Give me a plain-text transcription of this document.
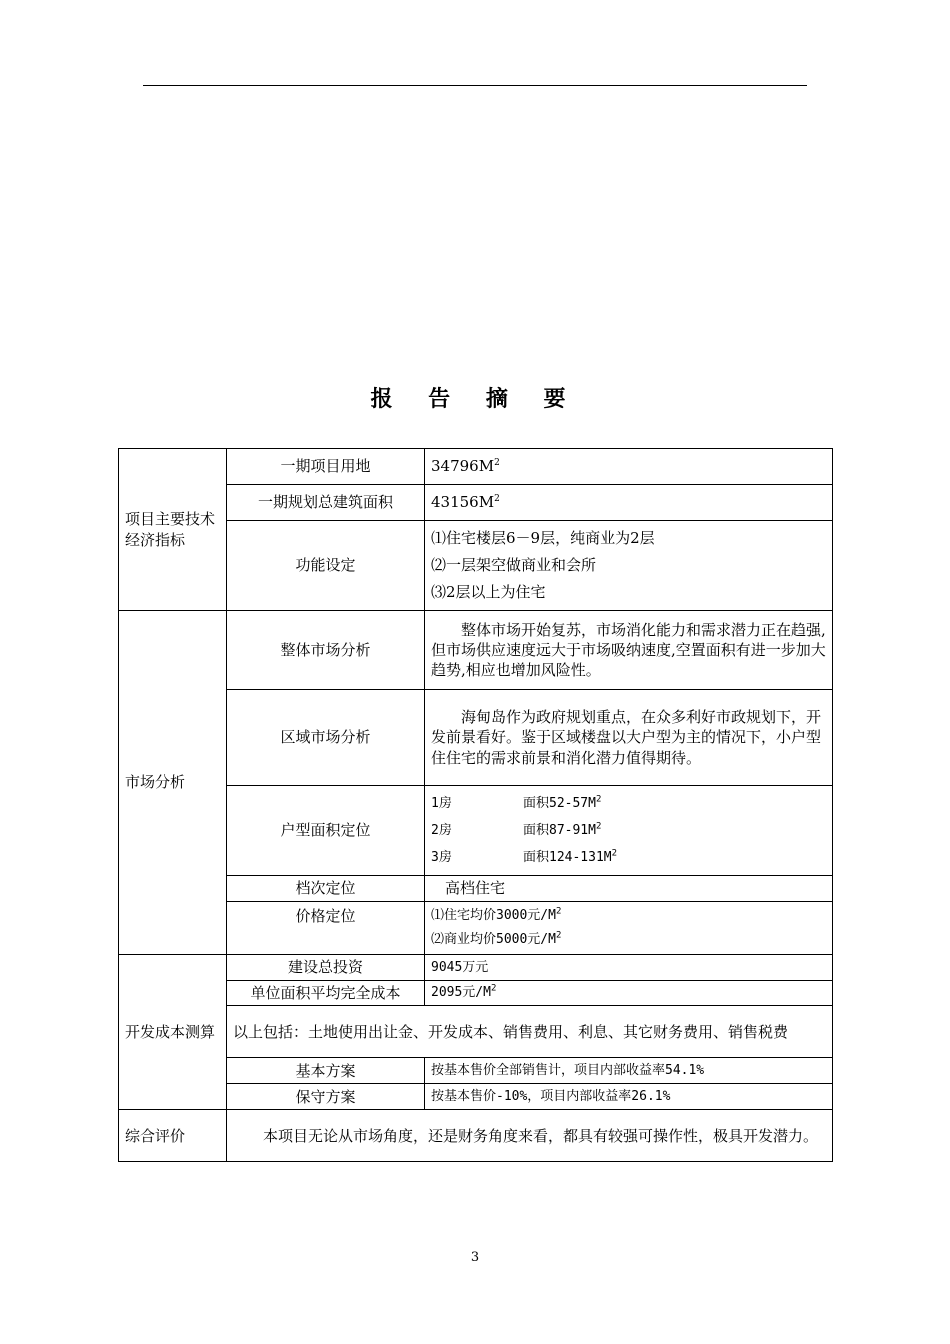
报 告 摘 要
项目主要技术经济指标	一期项目用地	$34796M^2$
	一期规划总建筑面积	$43156M^2$
	功能设定	⑴住宅楼层6－9层，纯商业为2层
⑵一层架空做商业和会所
⑶2层以上为住宅

市场分析	整体市场分析	整体市场开始复苏，市场消化能力和需求潜力正在趋强,但市场供应速度远大于市场吸纳速度,空置面积有进一步加大趋势,相应也增加风险性。
	区域市场分析	海甸岛作为政府规划重点，在众多利好市政规划下，开发前景看好。鉴于区域楼盘以大户型为主的情况下，小户型住住宅的需求前景和消化潜力值得期待。
	户型面积定位	1房 面积$52-57M^2$
2房 面积$87-91M^2$
3房 面积$124-131M^2$

	档次定位	高档住宅
	价格定位	⑴住宅均价3000元$/M^2$
⑵商业均价5000元$/M^2$

开发成本测算	建设总投资	9045万元
	单位面积平均完全成本	2095元$/M^2$
	以上包括：土地使用出让金、开发成本、销售费用、利息、其它财务费用、销售税费	
	基本方案	按基本售价全部销售计，项目内部收益率54.1%
	保守方案	按基本售价-10%，项目内部收益率26.1%
综合评价	本项目无论从市场角度，还是财务角度来看，都具有较强可操作性，极具开发潜力。	
3
